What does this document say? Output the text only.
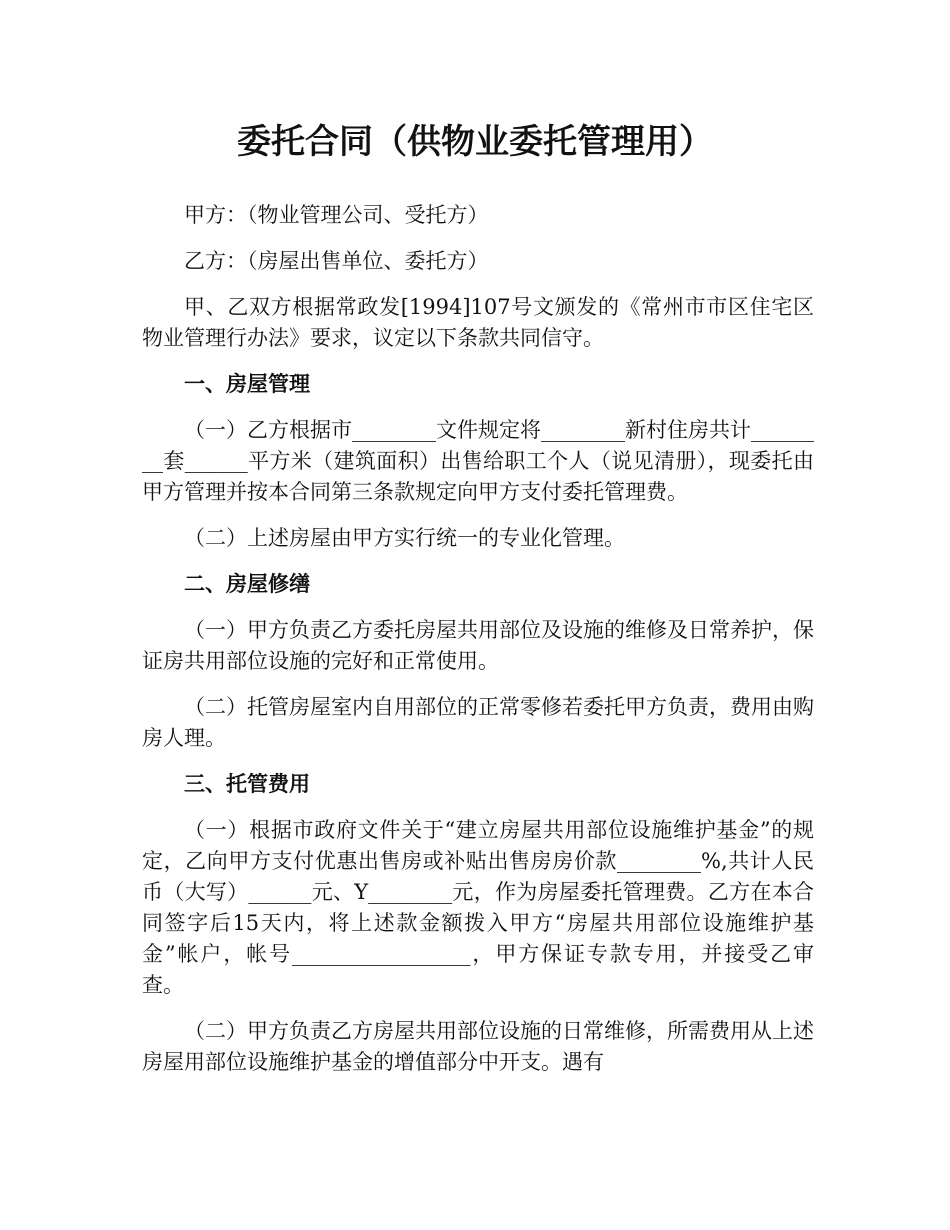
委托合同（供物业委托管理用）

甲方：（物业管理公司、受托方）

乙方：（房屋出售单位、委托方）

甲、乙双方根据常政发[1994]107号文颁发的《常州市市区住宅区物业管理行办法》要求，议定以下条款共同信守。

一、房屋管理

（一）乙方根据市________文件规定将________新村住房共计________套______平方米（建筑面积）出售给职工个人（说见清册），现委托由甲方管理并按本合同第三条款规定向甲方支付委托管理费。

（二）上述房屋由甲方实行统一的专业化管理。

二、房屋修缮

（一）甲方负责乙方委托房屋共用部位及设施的维修及日常养护，保证房共用部位设施的完好和正常使用。

（二）托管房屋室内自用部位的正常零修若委托甲方负责，费用由购房人理。

三、托管费用

（一）根据市政府文件关于“建立房屋共用部位设施维护基金”的规定，乙向甲方支付优惠出售房或补贴出售房房价款________%,共计人民币（大写）______元、Y________元，作为房屋委托管理费。乙方在本合同签字后15天内，将上述款金额拨入甲方“房屋共用部位设施维护基金”帐户，帐号_________________，甲方保证专款专用，并接受乙审查。

（二）甲方负责乙方房屋共用部位设施的日常维修，所需费用从上述房屋用部位设施维护基金的增值部分中开支。遇有
